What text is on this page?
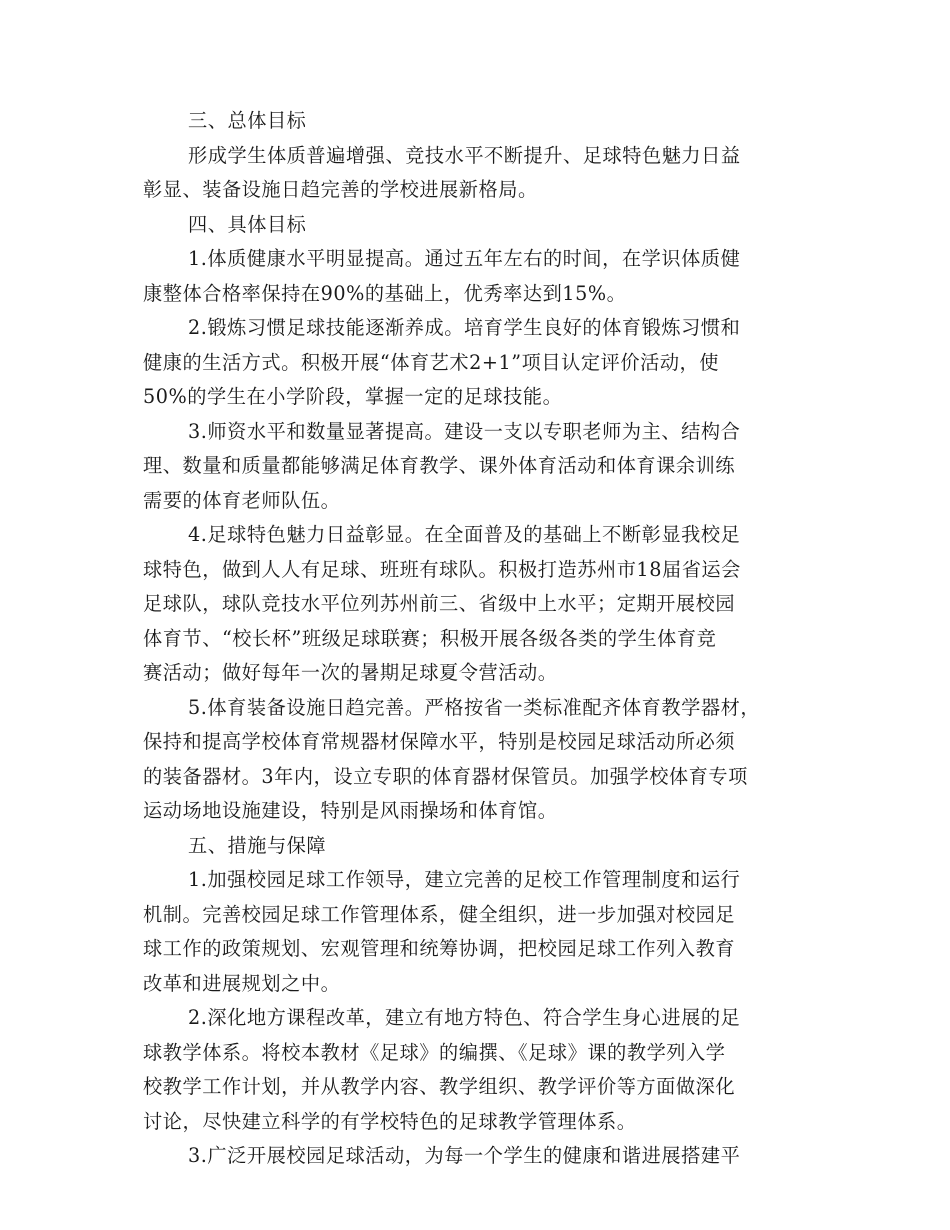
三、总体目标
形成学生体质普遍增强、竞技水平不断提升、足球特色魅力日益
彰显、装备设施日趋完善的学校进展新格局。
四、具体目标
1.体质健康水平明显提高。通过五年左右的时间，在学识体质健
康整体合格率保持在90%的基础上，优秀率达到15%。
2.锻炼习惯足球技能逐渐养成。培育学生良好的体育锻炼习惯和
健康的生活方式。积极开展“体育艺术2+1”项目认定评价活动，使
50%的学生在小学阶段，掌握一定的足球技能。
3.师资水平和数量显著提高。建设一支以专职老师为主、结构合
理、数量和质量都能够满足体育教学、课外体育活动和体育课余训练
需要的体育老师队伍。
4.足球特色魅力日益彰显。在全面普及的基础上不断彰显我校足
球特色，做到人人有足球、班班有球队。积极打造苏州市18届省运会
足球队，球队竞技水平位列苏州前三、省级中上水平；定期开展校园
体育节、“校长杯”班级足球联赛；积极开展各级各类的学生体育竞
赛活动；做好每年一次的暑期足球夏令营活动。
5.体育装备设施日趋完善。严格按省一类标准配齐体育教学器材，
保持和提高学校体育常规器材保障水平，特别是校园足球活动所必须
的装备器材。3年内，设立专职的体育器材保管员。加强学校体育专项
运动场地设施建设，特别是风雨操场和体育馆。
五、措施与保障
1.加强校园足球工作领导，建立完善的足校工作管理制度和运行
机制。完善校园足球工作管理体系，健全组织，进一步加强对校园足
球工作的政策规划、宏观管理和统筹协调，把校园足球工作列入教育
改革和进展规划之中。
2.深化地方课程改革，建立有地方特色、符合学生身心进展的足
球教学体系。将校本教材《足球》的编撰、《足球》课的教学列入学
校教学工作计划，并从教学内容、教学组织、教学评价等方面做深化
讨论，尽快建立科学的有学校特色的足球教学管理体系。
3.广泛开展校园足球活动，为每一个学生的健康和谐进展搭建平
